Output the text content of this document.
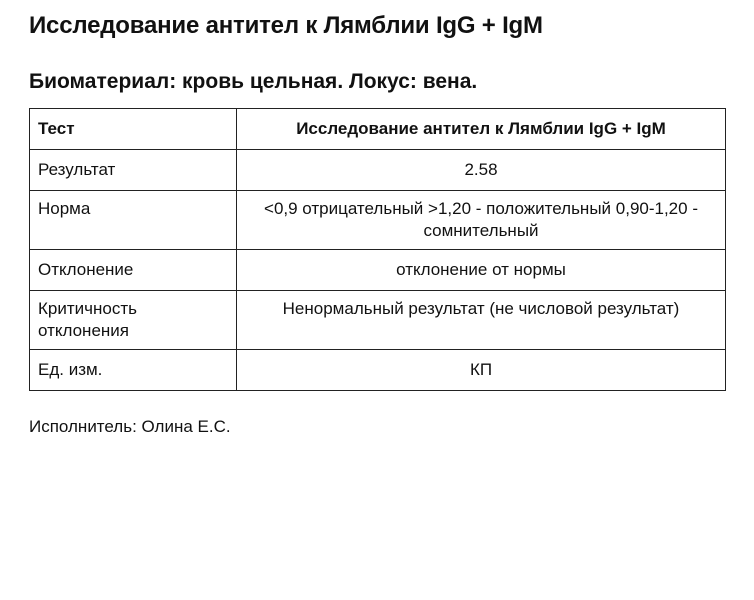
Исследование антител к Лямблии IgG + IgM
Биоматериал: кровь цельная. Локус: вена.
Тест	Исследование антител к Лямблии IgG + IgM
Результат	2.58
Норма	<0,9 отрицательный >1,20 - положительный 0,90-1,20 - сомнительный
Отклонение	отклонение от нормы
Критичность отклонения	Ненормальный результат (не числовой результат)
Ед. изм.	КП
Исполнитель: Олина Е.С.
